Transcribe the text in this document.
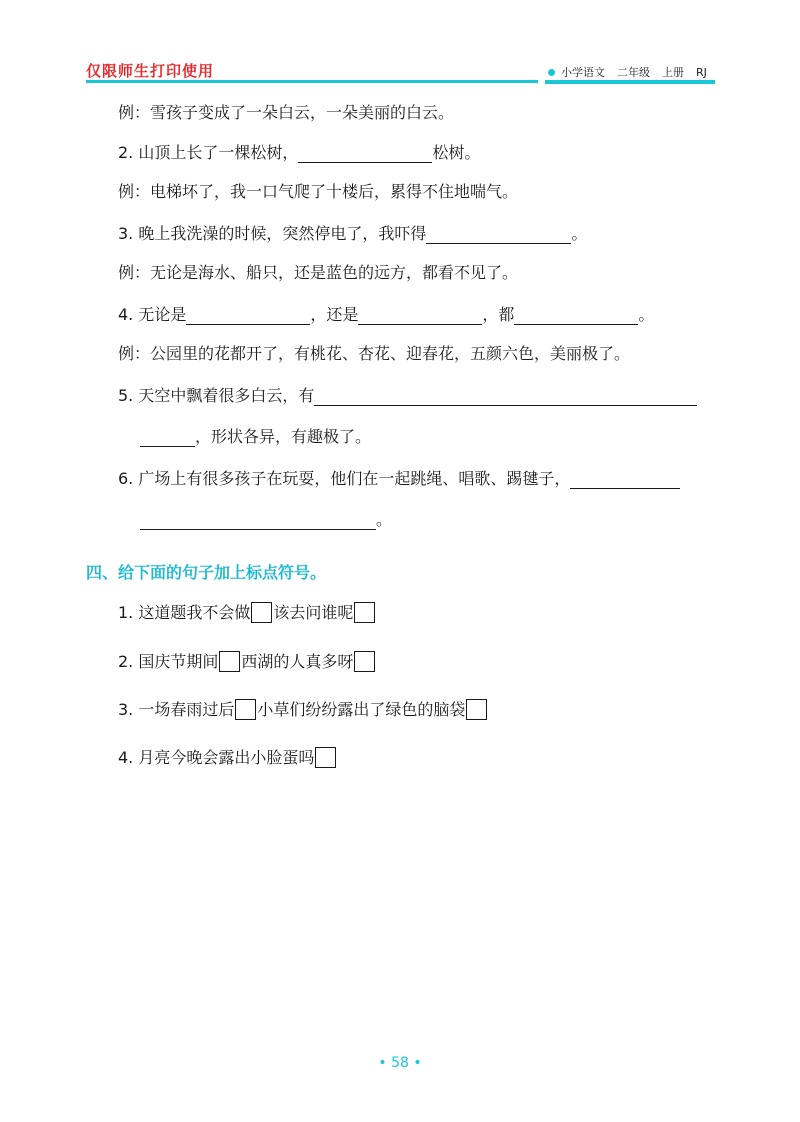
仅限师生打印使用	小学语文 二年级 上册 RJ
例：雪孩子变成了一朵白云，一朵美丽的白云。
2. 山顶上长了一棵松树，	松树。
例：电梯坏了，我一口气爬了十楼后，累得不住地喘气。
3. 晚上我洗澡的时候，突然停电了，我吓得	。
例：无论是海水、船只，还是蓝色的远方，都看不见了。
4. 无论是	，还是	，都	。
例：公园里的花都开了，有桃花、杏花、迎春花，五颜六色，美丽极了。
5. 天空中飘着很多白云，有
，形状各异，有趣极了。
6. 广场上有很多孩子在玩耍，他们在一起跳绳、唱歌、踢毽子，
。
四、给下面的句子加上标点符号。
1. 这道题我不会做 该去问谁呢
2. 国庆节期间 西湖的人真多呀
3. 一场春雨过后 小草们纷纷露出了绿色的脑袋
4. 月亮今晚会露出小脸蛋吗
• 58 •
